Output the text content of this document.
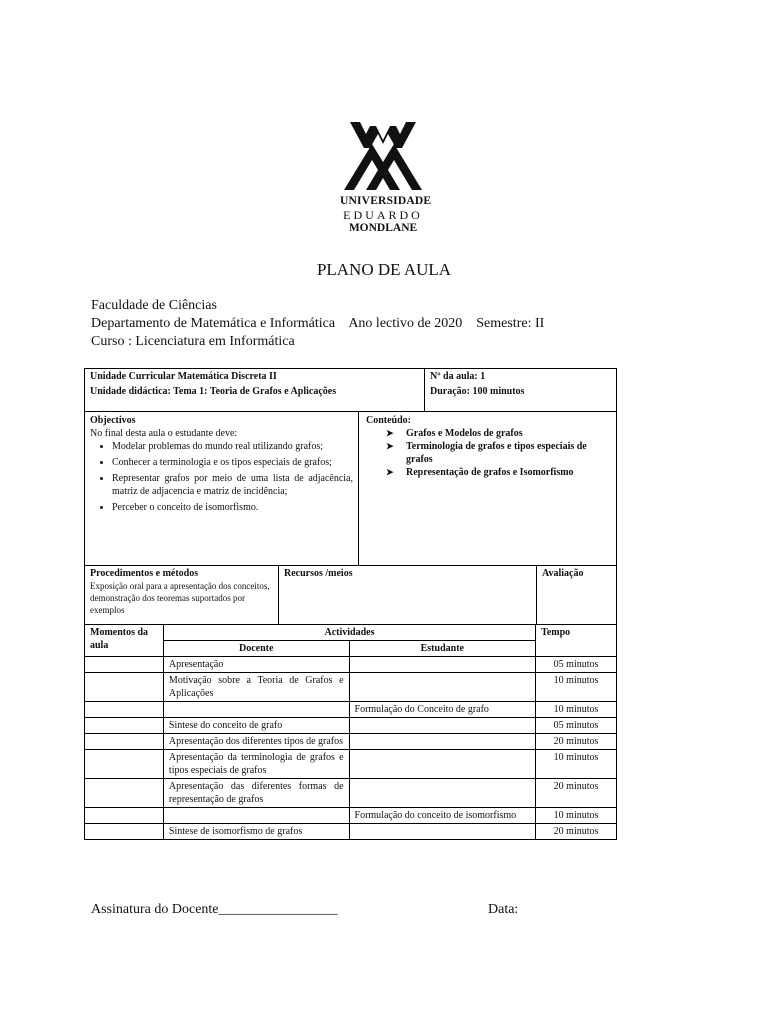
UNIVERSIDADE
EDUARDO
MONDLANE
PLANO DE AULA
Faculdade de Ciências
Departamento de Matemática e Informática    Ano lectivo de 2020    Semestre: II
Curso : Licenciatura em Informática
Unidade Curricular Matemática Discreta II
Unidade didáctica: Tema 1: Teoria de Grafos e Aplicações
Nº da aula: 1
Duração: 100 minutos
Objectivos
No final desta aula o estudante deve:
• Modelar problemas do mundo real utilizando grafos;
• Conhecer a terminologia e os tipos especiais de grafos;
• Representar grafos por meio de uma lista de adjacência, matriz de adjacencia e matriz de incidência;
• Perceber o conceito de isomorfismo.
Conteúdo:
➤ Grafos e Modelos de grafos
➤ Terminologia de grafos e tipos especiais de grafos
➤ Representação de grafos e Isomorfismo
Procedimentos e métodos
Exposição oral para a apresentação dos conceitos, demonstração dos teoremas suportados por exemplos
Recursos /meios	Avaliação
Momentos da aula	Actividades		Tempo
	Docente	Estudante	
	Apresentação		05 minutos
	Motivação sobre a Teoria de Grafos e Aplicações		10 minutos
		Formulação do Conceito de grafo	10 minutos
	Sintese do conceito de grafo		05 minutos
	Apresentação dos diferentes tipos de grafos		20 minutos
	Apresentação da terminologia de grafos e tipos especiais de grafos		10 minutos
	Apresentação das diferentes formas de representação de grafos		20 minutos
		Formulação do conceito de isomorfismo	10 minutos
	Sintese de isomorfismo de grafos		20 minutos
Assinatura do Docente_________________	Data:
